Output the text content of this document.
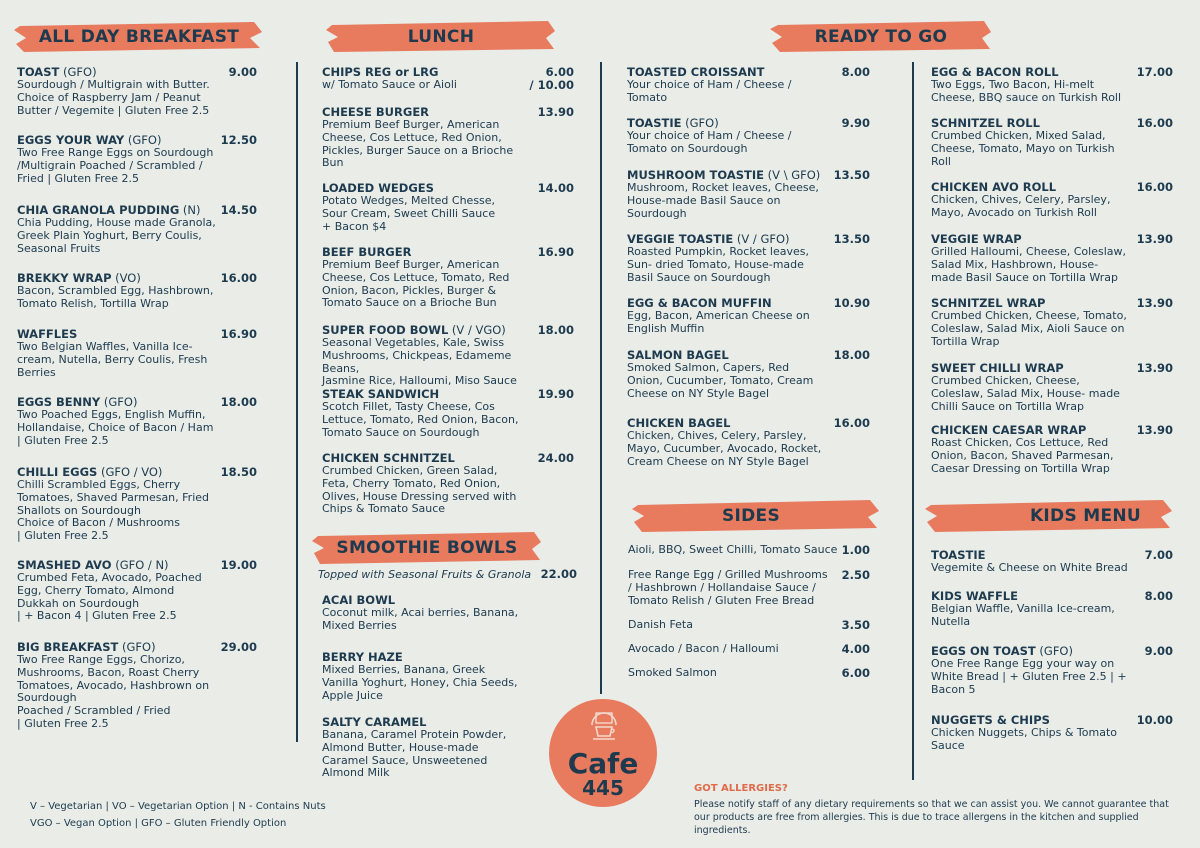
ALL DAY BREAKFAST	LUNCH	READY TO GO
SMOOTHIE BOWLS
SIDES	KIDS MENU
TOAST (GFO)
Sourdough / Multigrain with Butter.
Choice of Raspberry Jam / Peanut
Butter / Vegemite | Gluten Free 2.5
9.00
EGGS YOUR WAY (GFO)
Two Free Range Eggs on Sourdough
/Multigrain Poached / Scrambled /
Fried | Gluten Free 2.5
12.50
CHIA GRANOLA PUDDING (N)
Chia Pudding, House made Granola,
Greek Plain Yoghurt, Berry Coulis,
Seasonal Fruits
14.50
BREKKY WRAP (VO)
Bacon, Scrambled Egg, Hashbrown,
Tomato Relish, Tortilla Wrap
16.00
WAFFLES
Two Belgian Waffles, Vanilla Ice-
cream, Nutella, Berry Coulis, Fresh
Berries
16.90
EGGS BENNY (GFO)
Two Poached Eggs, English Muffin,
Hollandaise, Choice of Bacon / Ham
| Gluten Free 2.5
18.00
CHILLI EGGS (GFO / VO)
Chilli Scrambled Eggs, Cherry
Tomatoes, Shaved Parmesan, Fried
Shallots on Sourdough
Choice of Bacon / Mushrooms
| Gluten Free 2.5
18.50
SMASHED AVO (GFO / N)
Crumbed Feta, Avocado, Poached
Egg, Cherry Tomato, Almond
Dukkah on Sourdough
| + Bacon 4 | Gluten Free 2.5
19.00
BIG BREAKFAST (GFO)
Two Free Range Eggs, Chorizo,
Mushrooms, Bacon, Roast Cherry
Tomatoes, Avocado, Hashbrown on
Sourdough
Poached / Scrambled / Fried
| Gluten Free 2.5
29.00
CHIPS REG or LRG
w/ Tomato Sauce or Aioli
6.00
/ 10.00
CHEESE BURGER
Premium Beef Burger, American
Cheese, Cos Lettuce, Red Onion,
Pickles, Burger Sauce on a Brioche
Bun
13.90
LOADED WEDGES
Potato Wedges, Melted Chesse,
Sour Cream, Sweet Chilli Sauce
+ Bacon $4
14.00
BEEF BURGER
Premium Beef Burger, American
Cheese, Cos Lettuce, Tomato, Red
Onion, Bacon, Pickles, Burger &
Tomato Sauce on a Brioche Bun
16.90
SUPER FOOD BOWL (V / VGO)
Seasonal Vegetables, Kale, Swiss
Mushrooms, Chickpeas, Edameme Beans,
Jasmine Rice, Halloumi, Miso Sauce
18.00
STEAK SANDWICH
Scotch Fillet, Tasty Cheese, Cos
Lettuce, Tomato, Red Onion, Bacon,
Tomato Sauce on Sourdough
19.90
CHICKEN SCHNITZEL
Crumbed Chicken, Green Salad,
Feta, Cherry Tomato, Red Onion,
Olives, House Dressing served with
Chips & Tomato Sauce
24.00
ACAI BOWL
Coconut milk, Acai berries, Banana,
Mixed Berries
BERRY HAZE
Mixed Berries, Banana, Greek
Vanilla Yoghurt, Honey, Chia Seeds,
Apple Juice
SALTY CARAMEL
Banana, Caramel Protein Powder,
Almond Butter, House-made
Caramel Sauce, Unsweetened
Almond Milk
TOASTED CROISSANT
Your choice of Ham / Cheese /
Tomato
8.00
TOASTIE (GFO)
Your choice of Ham / Cheese /
Tomato on Sourdough
9.90
MUSHROOM TOASTIE (V \ GFO)
Mushroom, Rocket leaves, Cheese,
House-made Basil Sauce on
Sourdough
13.50
VEGGIE TOASTIE (V / GFO)
Roasted Pumpkin, Rocket leaves,
Sun- dried Tomato, House-made
Basil Sauce on Sourdough
13.50
EGG & BACON MUFFIN
Egg, Bacon, American Cheese on
English Muffin
10.90
SALMON BAGEL
Smoked Salmon, Capers, Red
Onion, Cucumber, Tomato, Cream
Cheese on NY Style Bagel
18.00
CHICKEN BAGEL
Chicken, Chives, Celery, Parsley,
Mayo, Cucumber, Avocado, Rocket,
Cream Cheese on NY Style Bagel
16.00
EGG & BACON ROLL
Two Eggs, Two Bacon, Hi-melt
Cheese, BBQ sauce on Turkish Roll
17.00
SCHNITZEL ROLL
Crumbed Chicken, Mixed Salad,
Cheese, Tomato, Mayo on Turkish
Roll
16.00
CHICKEN AVO ROLL
Chicken, Chives, Celery, Parsley,
Mayo, Avocado on Turkish Roll
16.00
VEGGIE WRAP
Grilled Halloumi, Cheese, Coleslaw,
Salad Mix, Hashbrown, House-
made Basil Sauce on Tortilla Wrap
13.90
SCHNITZEL WRAP
Crumbed Chicken, Cheese, Tomato,
Coleslaw, Salad Mix, Aioli Sauce on
Tortilla Wrap
13.90
SWEET CHILLI WRAP
Crumbed Chicken, Cheese,
Coleslaw, Salad Mix, House- made
Chilli Sauce on Tortilla Wrap
13.90
CHICKEN CAESAR WRAP
Roast Chicken, Cos Lettuce, Red
Onion, Bacon, Shaved Parmesan,
Caesar Dressing on Tortilla Wrap
13.90
Aioli, BBQ, Sweet Chilli, Tomato Sauce 1.00
Free Range Egg / Grilled Mushrooms
/ Hashbrown / Hollandaise Sauce /
Tomato Relish / Gluten Free Bread
2.50
Danish Feta	3.50
Avocado / Bacon / Halloumi	4.00
Smoked Salmon	6.00
TOASTIE
Vegemite & Cheese on White Bread
7.00
KIDS WAFFLE
Belgian Waffle, Vanilla Ice-cream,
Nutella
8.00
EGGS ON TOAST (GFO)
One Free Range Egg your way on
White Bread | + Gluten Free 2.5 | +
Bacon 5
9.00
NUGGETS & CHIPS
Chicken Nuggets, Chips & Tomato
Sauce
10.00
Topped with Seasonal Fruits & Granola 22.00
V – Vegetarian | VO – Vegetarian Option | N - Contains Nuts
VGO – Vegan Option | GFO – Gluten Friendly Option
Cafe
445	GOT ALLERGIES?
Please notify staff of any dietary requirements so that we can assist you. We cannot guarantee that our products are free from allergies. This is due to trace allergens in the kitchen and supplied ingredients.
